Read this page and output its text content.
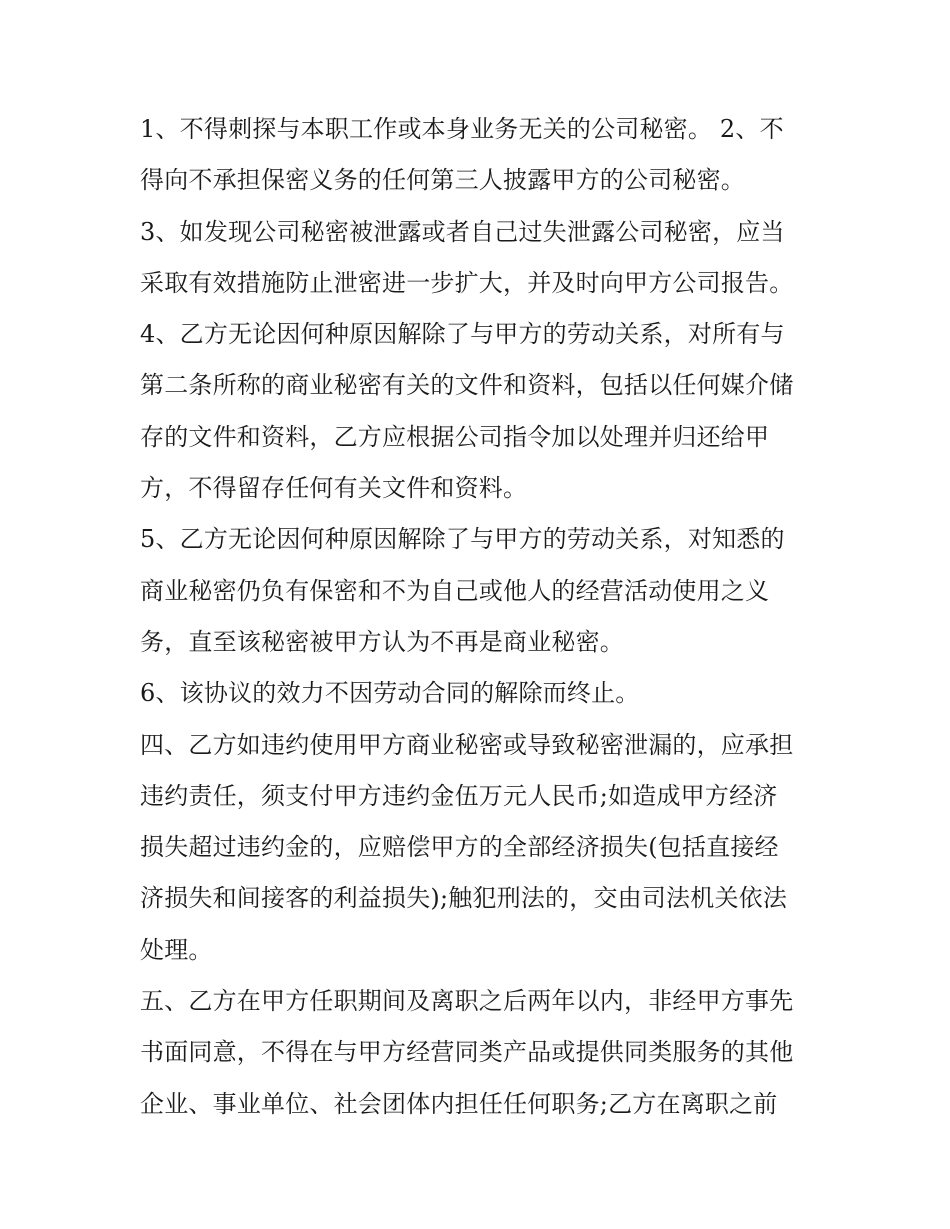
1、不得刺探与本职工作或本身业务无关的公司秘密。 2、不
得向不承担保密义务的任何第三人披露甲方的公司秘密。

3、如发现公司秘密被泄露或者自己过失泄露公司秘密，应当
采取有效措施防止泄密进一步扩大，并及时向甲方公司报告。

4、乙方无论因何种原因解除了与甲方的劳动关系，对所有与
第二条所称的商业秘密有关的文件和资料，包括以任何媒介储
存的文件和资料，乙方应根据公司指令加以处理并归还给甲
方，不得留存任何有关文件和资料。

5、乙方无论因何种原因解除了与甲方的劳动关系，对知悉的
商业秘密仍负有保密和不为自己或他人的经营活动使用之义
务，直至该秘密被甲方认为不再是商业秘密。

6、该协议的效力不因劳动合同的解除而终止。

四、乙方如违约使用甲方商业秘密或导致秘密泄漏的，应承担
违约责任，须支付甲方违约金伍万元人民币;如造成甲方经济
损失超过违约金的，应赔偿甲方的全部经济损失(包括直接经
济损失和间接客的利益损失);触犯刑法的，交由司法机关依法
处理。

五、乙方在甲方任职期间及离职之后两年以内，非经甲方事先
书面同意，不得在与甲方经营同类产品或提供同类服务的其他
企业、事业单位、社会团体内担任任何职务;乙方在离职之前
